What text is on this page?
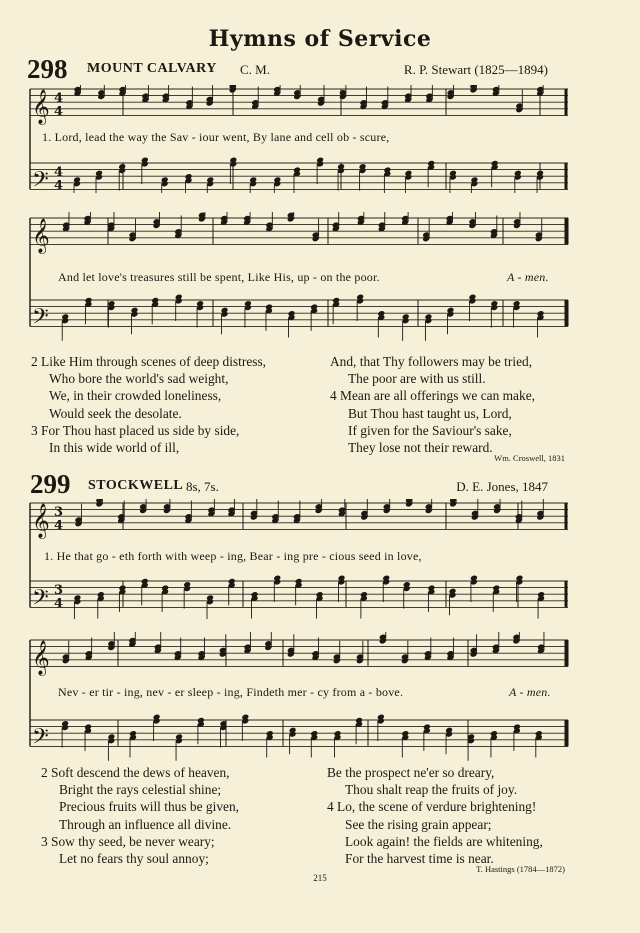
Hymns of Service
298 MOUNT CALVARY C. M.	R. P. Stewart (1825—1894)
𝄞 4
4
𝄢 4
4
1. Lord, lead the way the Sav - iour went, By lane and cell ob - scure,
𝄞
𝄢
And let love's treasures still be spent, Like His, up - on the poor.	A - men.
2 Like Him through scenes of deep distress,
Who bore the world's sad weight,
We, in their crowded loneliness,
Would seek the desolate.
3 For Thou hast placed us side by side,
In this wide world of ill,
And, that Thy followers may be tried,
The poor are with us still.
4 Mean are all offerings we can make,
But Thou hast taught us, Lord,
If given for the Saviour's sake,
They lose not their reward.
Wm. Croswell, 1831
299 STOCKWELL 8s, 7s.	D. E. Jones, 1847
𝄞 3
4
𝄢 3
4
1. He that go - eth forth with weep - ing, Bear - ing pre - cious seed in love,
𝄞
𝄢
Nev - er tir - ing, nev - er sleep - ing, Findeth mer - cy from a - bove.	A - men.
2 Soft descend the dews of heaven,
Bright the rays celestial shine;
Precious fruits will thus be given,
Through an influence all divine.
3 Sow thy seed, be never weary;
Let no fears thy soul annoy;
Be the prospect ne'er so dreary,
Thou shalt reap the fruits of joy.
4 Lo, the scene of verdure brightening!
See the rising grain appear;
Look again! the fields are whitening,
For the harvest time is near.
T. Hastings (1784—1872)
215
